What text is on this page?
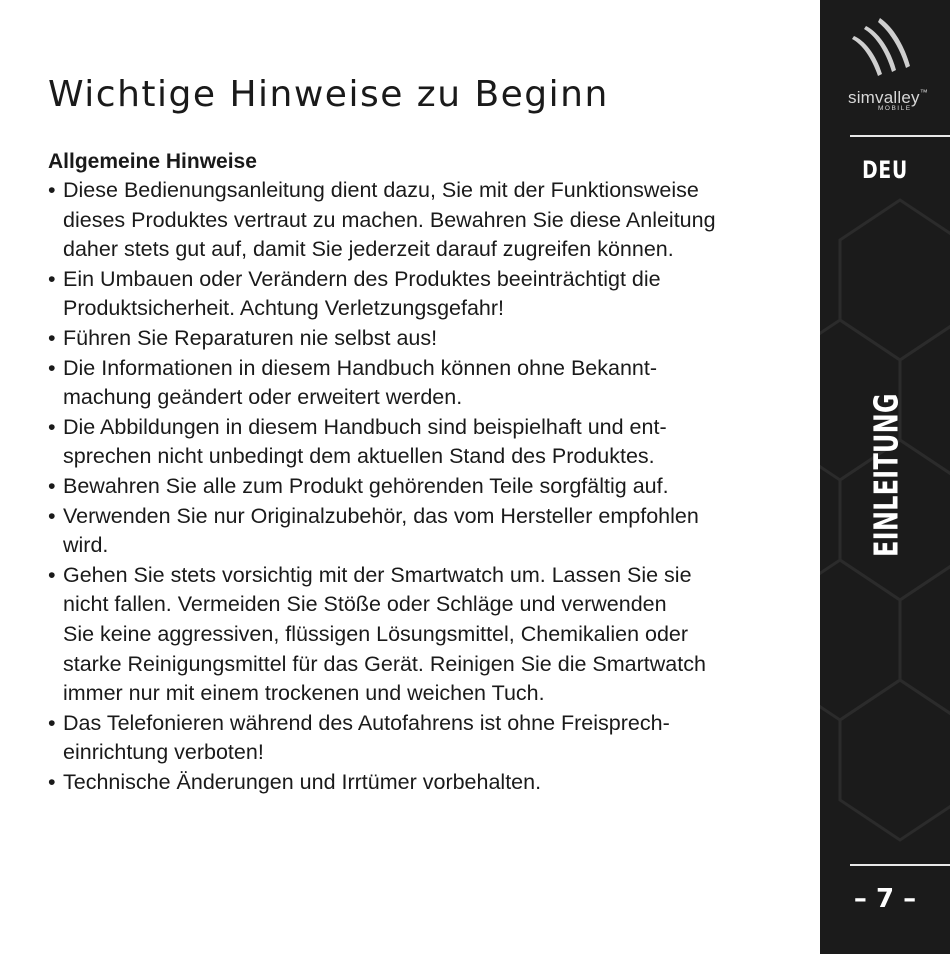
Wichtige Hinweise zu Beginn
Allgemeine Hinweise
• Diese Bedienungsanleitung dient dazu, Sie mit der Funktionsweise
dieses Produktes vertraut zu machen. Bewahren Sie diese Anleitung
daher stets gut auf, damit Sie jederzeit darauf zugreifen können.
• Ein Umbauen oder Verändern des Produktes beeinträchtigt die
Produktsicherheit. Achtung Verletzungsgefahr!
• Führen Sie Reparaturen nie selbst aus!
• Die Informationen in diesem Handbuch können ohne Bekannt-
machung geändert oder erweitert werden.
• Die Abbildungen in diesem Handbuch sind beispielhaft und ent-
sprechen nicht unbedingt dem aktuellen Stand des Produktes.
• Bewahren Sie alle zum Produkt gehörenden Teile sorgfältig auf.
• Verwenden Sie nur Originalzubehör, das vom Hersteller empfohlen
wird.
• Gehen Sie stets vorsichtig mit der Smartwatch um. Lassen Sie sie
nicht fallen. Vermeiden Sie Stöße oder Schläge und verwenden
Sie keine aggressiven, flüssigen Lösungsmittel, Chemikalien oder
starke Reinigungsmittel für das Gerät. Reinigen Sie die Smartwatch
immer nur mit einem trockenen und weichen Tuch.
• Das Telefonieren während des Autofahrens ist ohne Freisprech-
einrichtung verboten!
• Technische Änderungen und Irrtümer vorbehalten.
simvalley™
MOBILE
DEU
EINLEITUNG
– 7 –
